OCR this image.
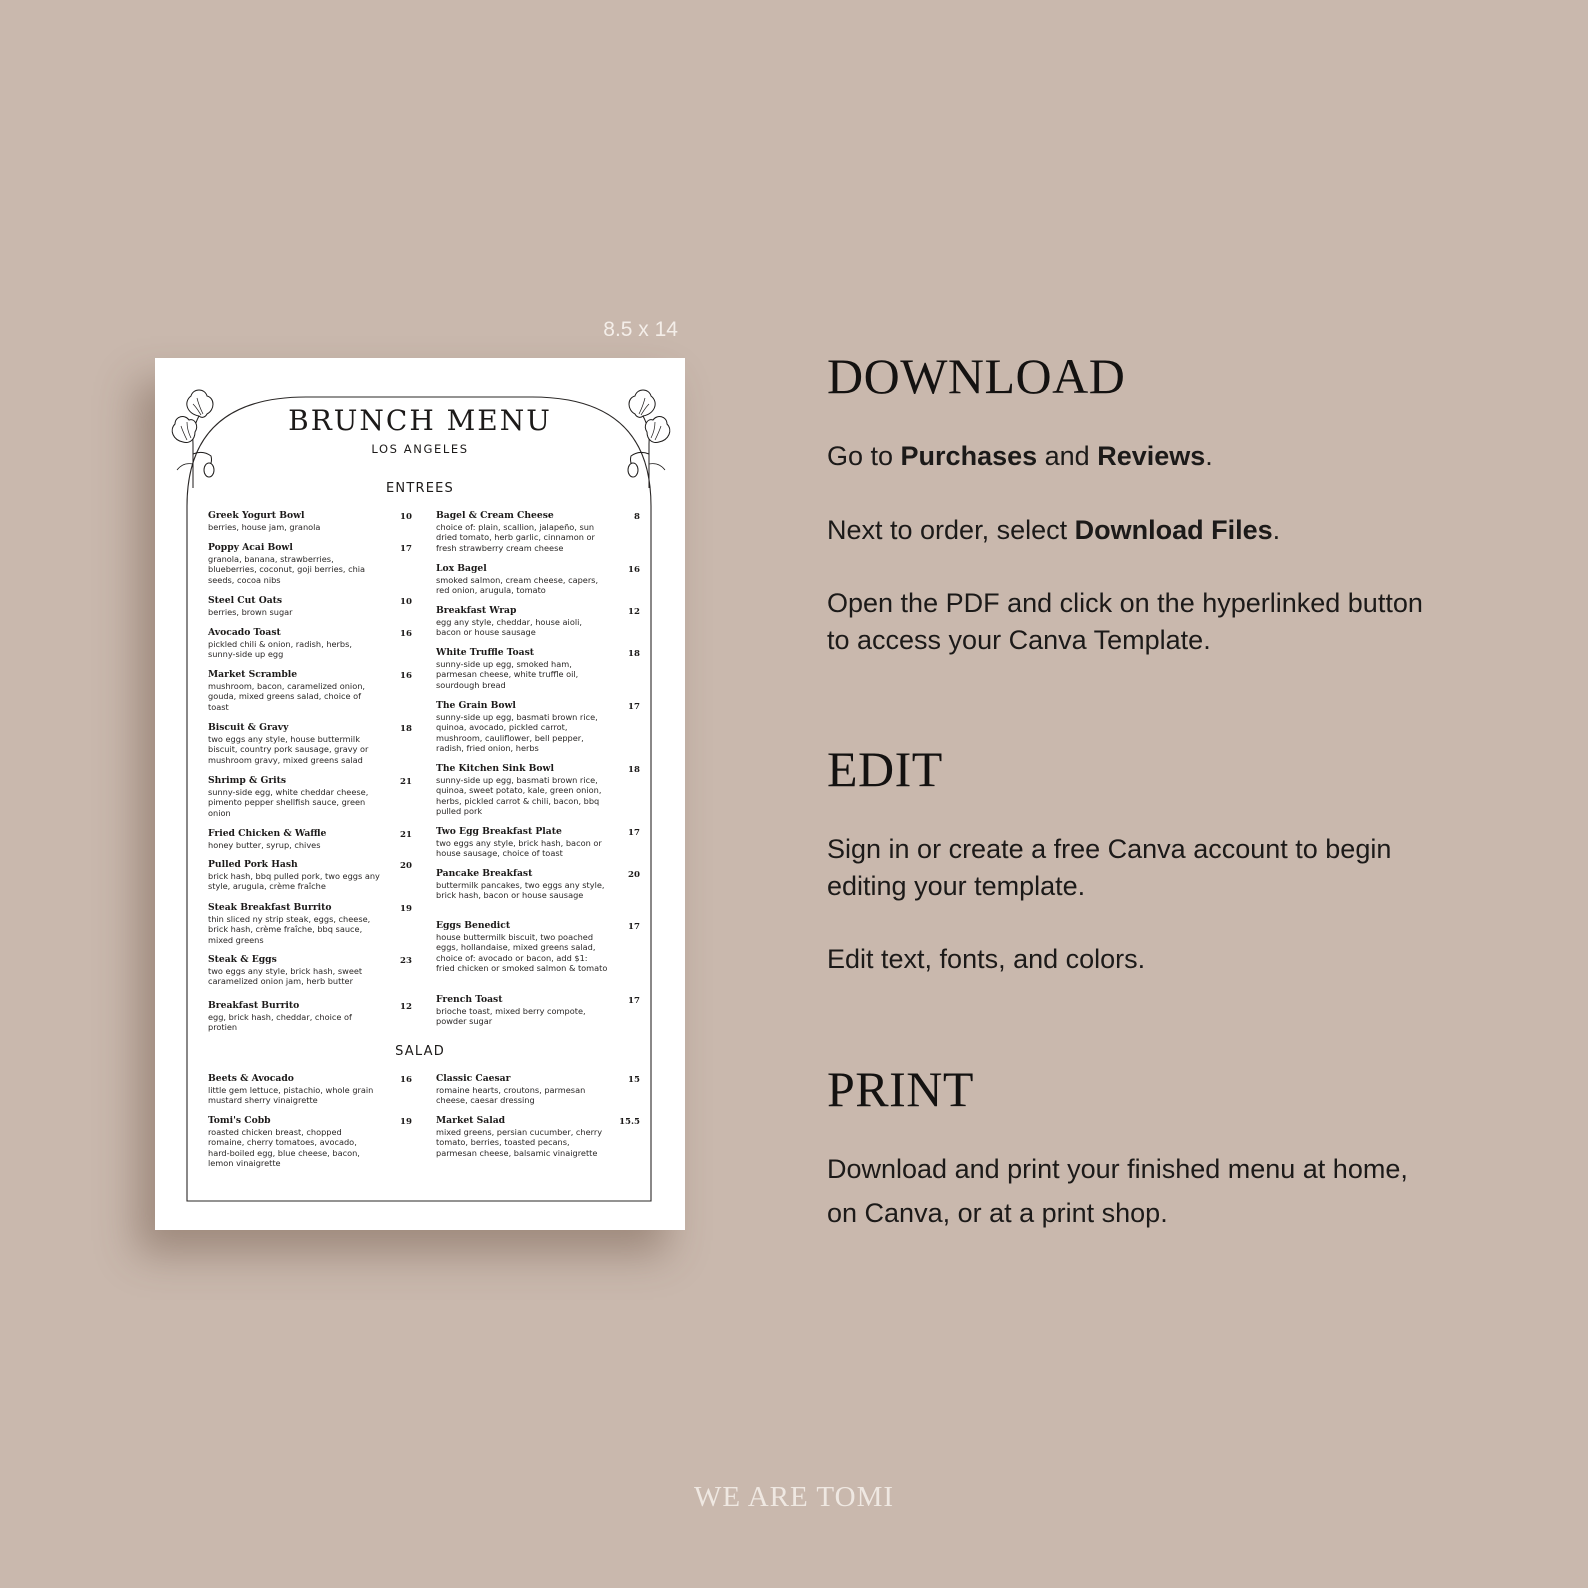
8.5 x 14
BRUNCH MENU
LOS ANGELES
ENTREES
Greek Yogurt Bowl
berries, house jam, granola
10
Poppy Acai Bowl
granola, banana, strawberries, blueberries, coconut, goji berries, chia seeds, cocoa nibs
17
Steel Cut Oats
berries, brown sugar
10
Avocado Toast
pickled chili & onion, radish, herbs, sunny-side up egg
16
Market Scramble
mushroom, bacon, caramelized onion, gouda, mixed greens salad, choice of toast
16
Biscuit & Gravy
two eggs any style, house buttermilk biscuit, country pork sausage, gravy or mushroom gravy, mixed greens salad
18
Shrimp & Grits
sunny-side egg, white cheddar cheese, pimento pepper shellfish sauce, green onion
21
Fried Chicken & Waffle
honey butter, syrup, chives
21
Pulled Pork Hash
brick hash, bbq pulled pork, two eggs any style, arugula, crème fraîche
20
Steak Breakfast Burrito
thin sliced ny strip steak, eggs, cheese, brick hash, crème fraîche, bbq sauce, mixed greens
19
Steak & Eggs
two eggs any style, brick hash, sweet caramelized onion jam, herb butter
23
Breakfast Burrito
egg, brick hash, cheddar, choice of protien
12
Bagel & Cream Cheese
choice of: plain, scallion, jalapeño, sun dried tomato, herb garlic, cinnamon or fresh strawberry cream cheese
8
Lox Bagel
smoked salmon, cream cheese, capers, red onion, arugula, tomato
16
Breakfast Wrap
egg any style, cheddar, house aioli, bacon or house sausage
12
White Truffle Toast
sunny-side up egg, smoked ham, parmesan cheese, white truffle oil, sourdough bread
18
The Grain Bowl
sunny-side up egg, basmati brown rice, quinoa, avocado, pickled carrot, mushroom, cauliflower, bell pepper, radish, fried onion, herbs
17
The Kitchen Sink Bowl
sunny-side up egg, basmati brown rice, quinoa, sweet potato, kale, green onion, herbs, pickled carrot & chili, bacon, bbq pulled pork
18
Two Egg Breakfast Plate
two eggs any style, brick hash, bacon or house sausage, choice of toast
17
Pancake Breakfast
buttermilk pancakes, two eggs any style, brick hash, bacon or house sausage
20
Eggs Benedict
house buttermilk biscuit, two poached eggs, hollandaise, mixed greens salad, choice of: avocado or bacon, add $1: fried chicken or smoked salmon & tomato
17
French Toast
brioche toast, mixed berry compote, powder sugar
17
SALAD
Beets & Avocado
little gem lettuce, pistachio, whole grain mustard sherry vinaigrette
16
Tomi's Cobb
roasted chicken breast, chopped romaine, cherry tomatoes, avocado, hard-boiled egg, blue cheese, bacon, lemon vinaigrette
19
Classic Caesar
romaine hearts, croutons, parmesan cheese, caesar dressing
15
Market Salad
mixed greens, persian cucumber, cherry tomato, berries, toasted pecans, parmesan cheese, balsamic vinaigrette
15.5
DOWNLOAD
Go to Purchases and Reviews.
Next to order, select Download Files.
Open the PDF and click on the hyperlinked button
to access your Canva Template.
EDIT
Sign in or create a free Canva account to begin
editing your template.
Edit text, fonts, and colors.
PRINT
Download and print your finished menu at home,
on Canva, or at a print shop.
WE ARE TOMI
